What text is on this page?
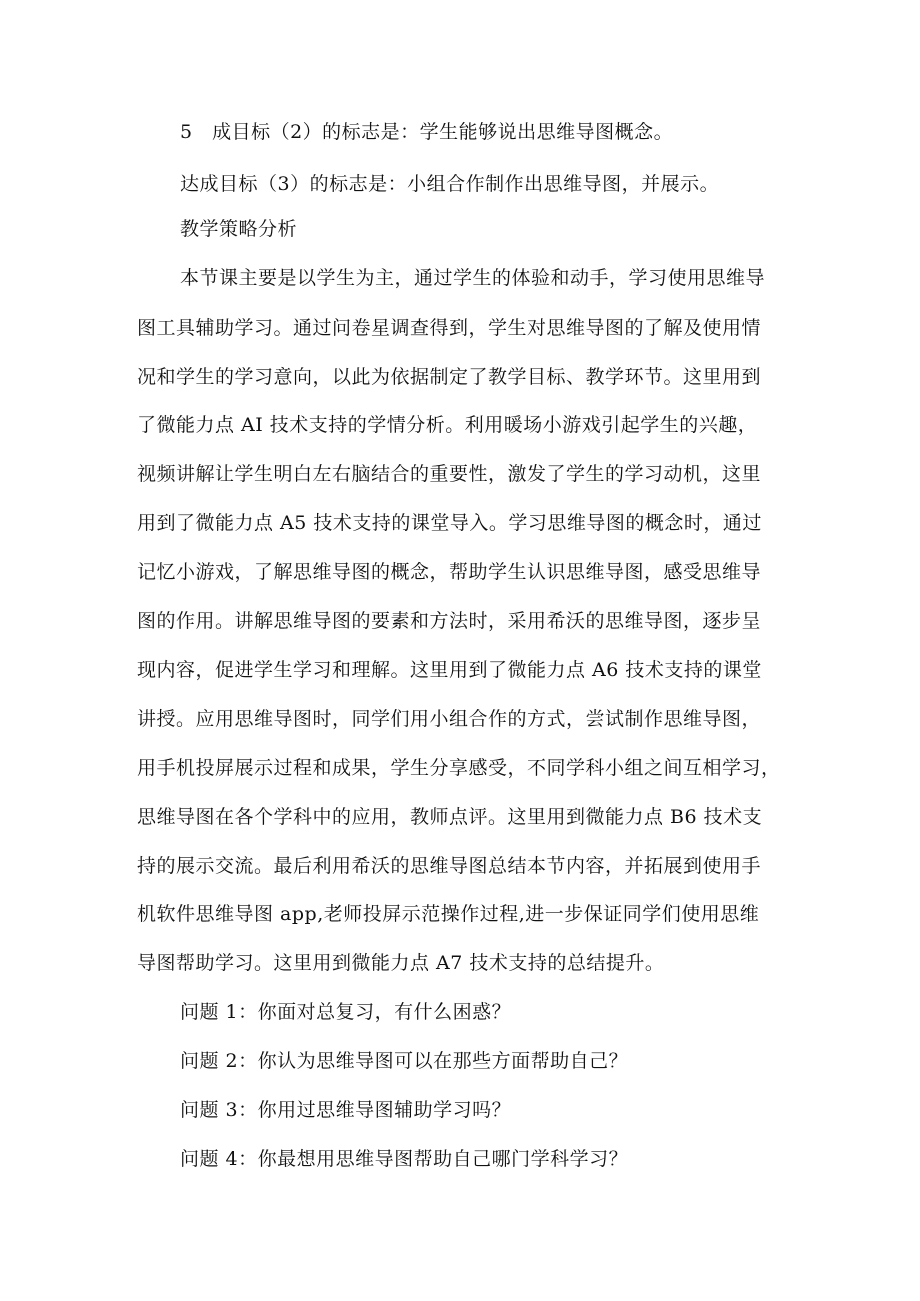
5　成目标（2）的标志是：学生能够说出思维导图概念。
达成目标（3）的标志是：小组合作制作出思维导图，并展示。
教学策略分析
本节课主要是以学生为主，通过学生的体验和动手，学习使用思维导
图工具辅助学习。通过问卷星调查得到，学生对思维导图的了解及使用情
况和学生的学习意向，以此为依据制定了教学目标、教学环节。这里用到
了微能力点 AI 技术支持的学情分析。利用暖场小游戏引起学生的兴趣，
视频讲解让学生明白左右脑结合的重要性，激发了学生的学习动机，这里
用到了微能力点 A5 技术支持的课堂导入。学习思维导图的概念时，通过
记忆小游戏，了解思维导图的概念，帮助学生认识思维导图，感受思维导
图的作用。讲解思维导图的要素和方法时，采用希沃的思维导图，逐步呈
现内容，促进学生学习和理解。这里用到了微能力点 A6 技术支持的课堂
讲授。应用思维导图时，同学们用小组合作的方式，尝试制作思维导图，
用手机投屏展示过程和成果，学生分享感受，不同学科小组之间互相学习，
思维导图在各个学科中的应用，教师点评。这里用到微能力点 B6 技术支
持的展示交流。最后利用希沃的思维导图总结本节内容，并拓展到使用手
机软件思维导图 app,老师投屏示范操作过程,进一步保证同学们使用思维
导图帮助学习。这里用到微能力点 A7 技术支持的总结提升。
问题 1：你面对总复习，有什么困惑？
问题 2：你认为思维导图可以在那些方面帮助自己？
问题 3：你用过思维导图辅助学习吗？
问题 4：你最想用思维导图帮助自己哪门学科学习？
